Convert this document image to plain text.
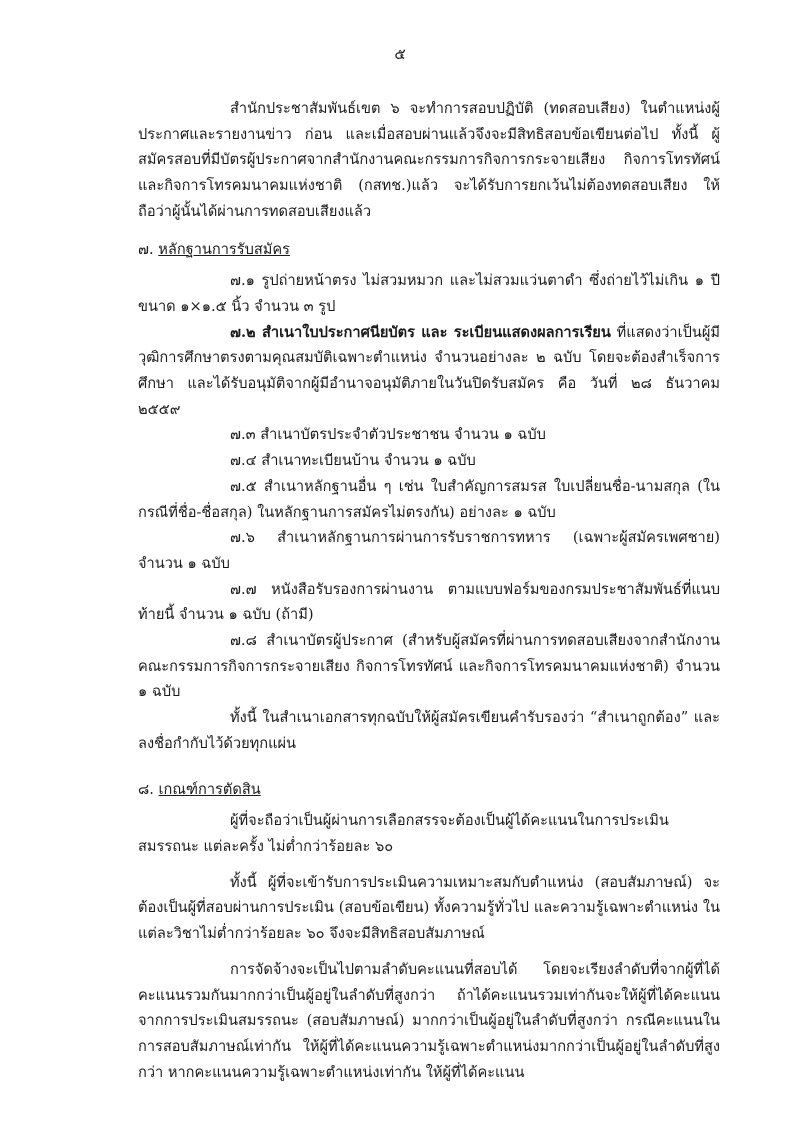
๕

สำนักประชาสัมพันธ์เขต ๖ จะทำการสอบปฏิบัติ (ทดสอบเสียง) ในตำแหน่งผู้ประกาศและรายงานข่าว ก่อน และเมื่อสอบผ่านแล้วจึงจะมีสิทธิสอบข้อเขียนต่อไป ทั้งนี้ ผู้สมัครสอบที่มีบัตรผู้ประกาศจากสำนักงานคณะกรรมการกิจการกระจายเสียง กิจการโทรทัศน์ และกิจการโทรคมนาคมแห่งชาติ (กสทช.)แล้ว จะได้รับการยกเว้นไม่ต้องทดสอบเสียง ให้ถือว่าผู้นั้นได้ผ่านการทดสอบเสียงแล้ว

๗. หลักฐานการรับสมัคร

๗.๑ รูปถ่ายหน้าตรง ไม่สวมหมวก และไม่สวมแว่นตาดำ ซึ่งถ่ายไว้ไม่เกิน ๑ ปี ขนาด ๑×๑.๕ นิ้ว จำนวน ๓ รูป

๗.๒ สำเนาใบประกาศนียบัตร และ ระเบียนแสดงผลการเรียน ที่แสดงว่าเป็นผู้มีวุฒิการศึกษาตรงตามคุณสมบัติเฉพาะตำแหน่ง จำนวนอย่างละ ๒ ฉบับ โดยจะต้องสำเร็จการศึกษา และได้รับอนุมัติจากผู้มีอำนาจอนุมัติภายในวันปิดรับสมัคร คือ วันที่ ๒๘ ธันวาคม ๒๕๕๙

๗.๓ สำเนาบัตรประจำตัวประชาชน จำนวน ๑ ฉบับ

๗.๔ สำเนาทะเบียนบ้าน จำนวน ๑ ฉบับ

๗.๕ สำเนาหลักฐานอื่น ๆ เช่น ใบสำคัญการสมรส ใบเปลี่ยนชื่อ-นามสกุล (ในกรณีที่ชื่อ-ชื่อสกุล) ในหลักฐานการสมัครไม่ตรงกัน) อย่างละ ๑ ฉบับ

๗.๖ สำเนาหลักฐานการผ่านการรับราชการทหาร (เฉพาะผู้สมัครเพศชาย) จำนวน ๑ ฉบับ

๗.๗ หนังสือรับรองการผ่านงาน ตามแบบฟอร์มของกรมประชาสัมพันธ์ที่แนบท้ายนี้ จำนวน ๑ ฉบับ (ถ้ามี)

๗.๘ สำเนาบัตรผู้ประกาศ (สำหรับผู้สมัครที่ผ่านการทดสอบเสียงจากสำนักงานคณะกรรมการกิจการกระจายเสียง กิจการโทรทัศน์ และกิจการโทรคมนาคมแห่งชาติ) จำนวน ๑ ฉบับ

ทั้งนี้ ในสำเนาเอกสารทุกฉบับให้ผู้สมัครเขียนคำรับรองว่า “สำเนาถูกต้อง” และลงชื่อกำกับไว้ด้วยทุกแผ่น

๘. เกณฑ์การตัดสิน

ผู้ที่จะถือว่าเป็นผู้ผ่านการเลือกสรรจะต้องเป็นผู้ได้คะแนนในการประเมินสมรรถนะ แต่ละครั้ง ไม่ต่ำกว่าร้อยละ ๖๐

ทั้งนี้ ผู้ที่จะเข้ารับการประเมินความเหมาะสมกับตำแหน่ง (สอบสัมภาษณ์) จะต้องเป็นผู้ที่สอบผ่านการประเมิน (สอบข้อเขียน) ทั้งความรู้ทั่วไป และความรู้เฉพาะตำแหน่ง ในแต่ละวิชาไม่ต่ำกว่าร้อยละ ๖๐ จึงจะมีสิทธิสอบสัมภาษณ์

การจัดจ้างจะเป็นไปตามลำดับคะแนนที่สอบได้ โดยจะเรียงลำดับที่จากผู้ที่ได้คะแนนรวมกันมากกว่าเป็นผู้อยู่ในลำดับที่สูงกว่า ถ้าได้คะแนนรวมเท่ากันจะให้ผู้ที่ได้คะแนนจากการประเมินสมรรถนะ (สอบสัมภาษณ์) มากกว่าเป็นผู้อยู่ในลำดับที่สูงกว่า กรณีคะแนนในการสอบสัมภาษณ์เท่ากัน ให้ผู้ที่ได้คะแนนความรู้เฉพาะตำแหน่งมากกว่าเป็นผู้อยู่ในลำดับที่สูงกว่า หากคะแนนความรู้เฉพาะตำแหน่งเท่ากัน ให้ผู้ที่ได้คะแนน
